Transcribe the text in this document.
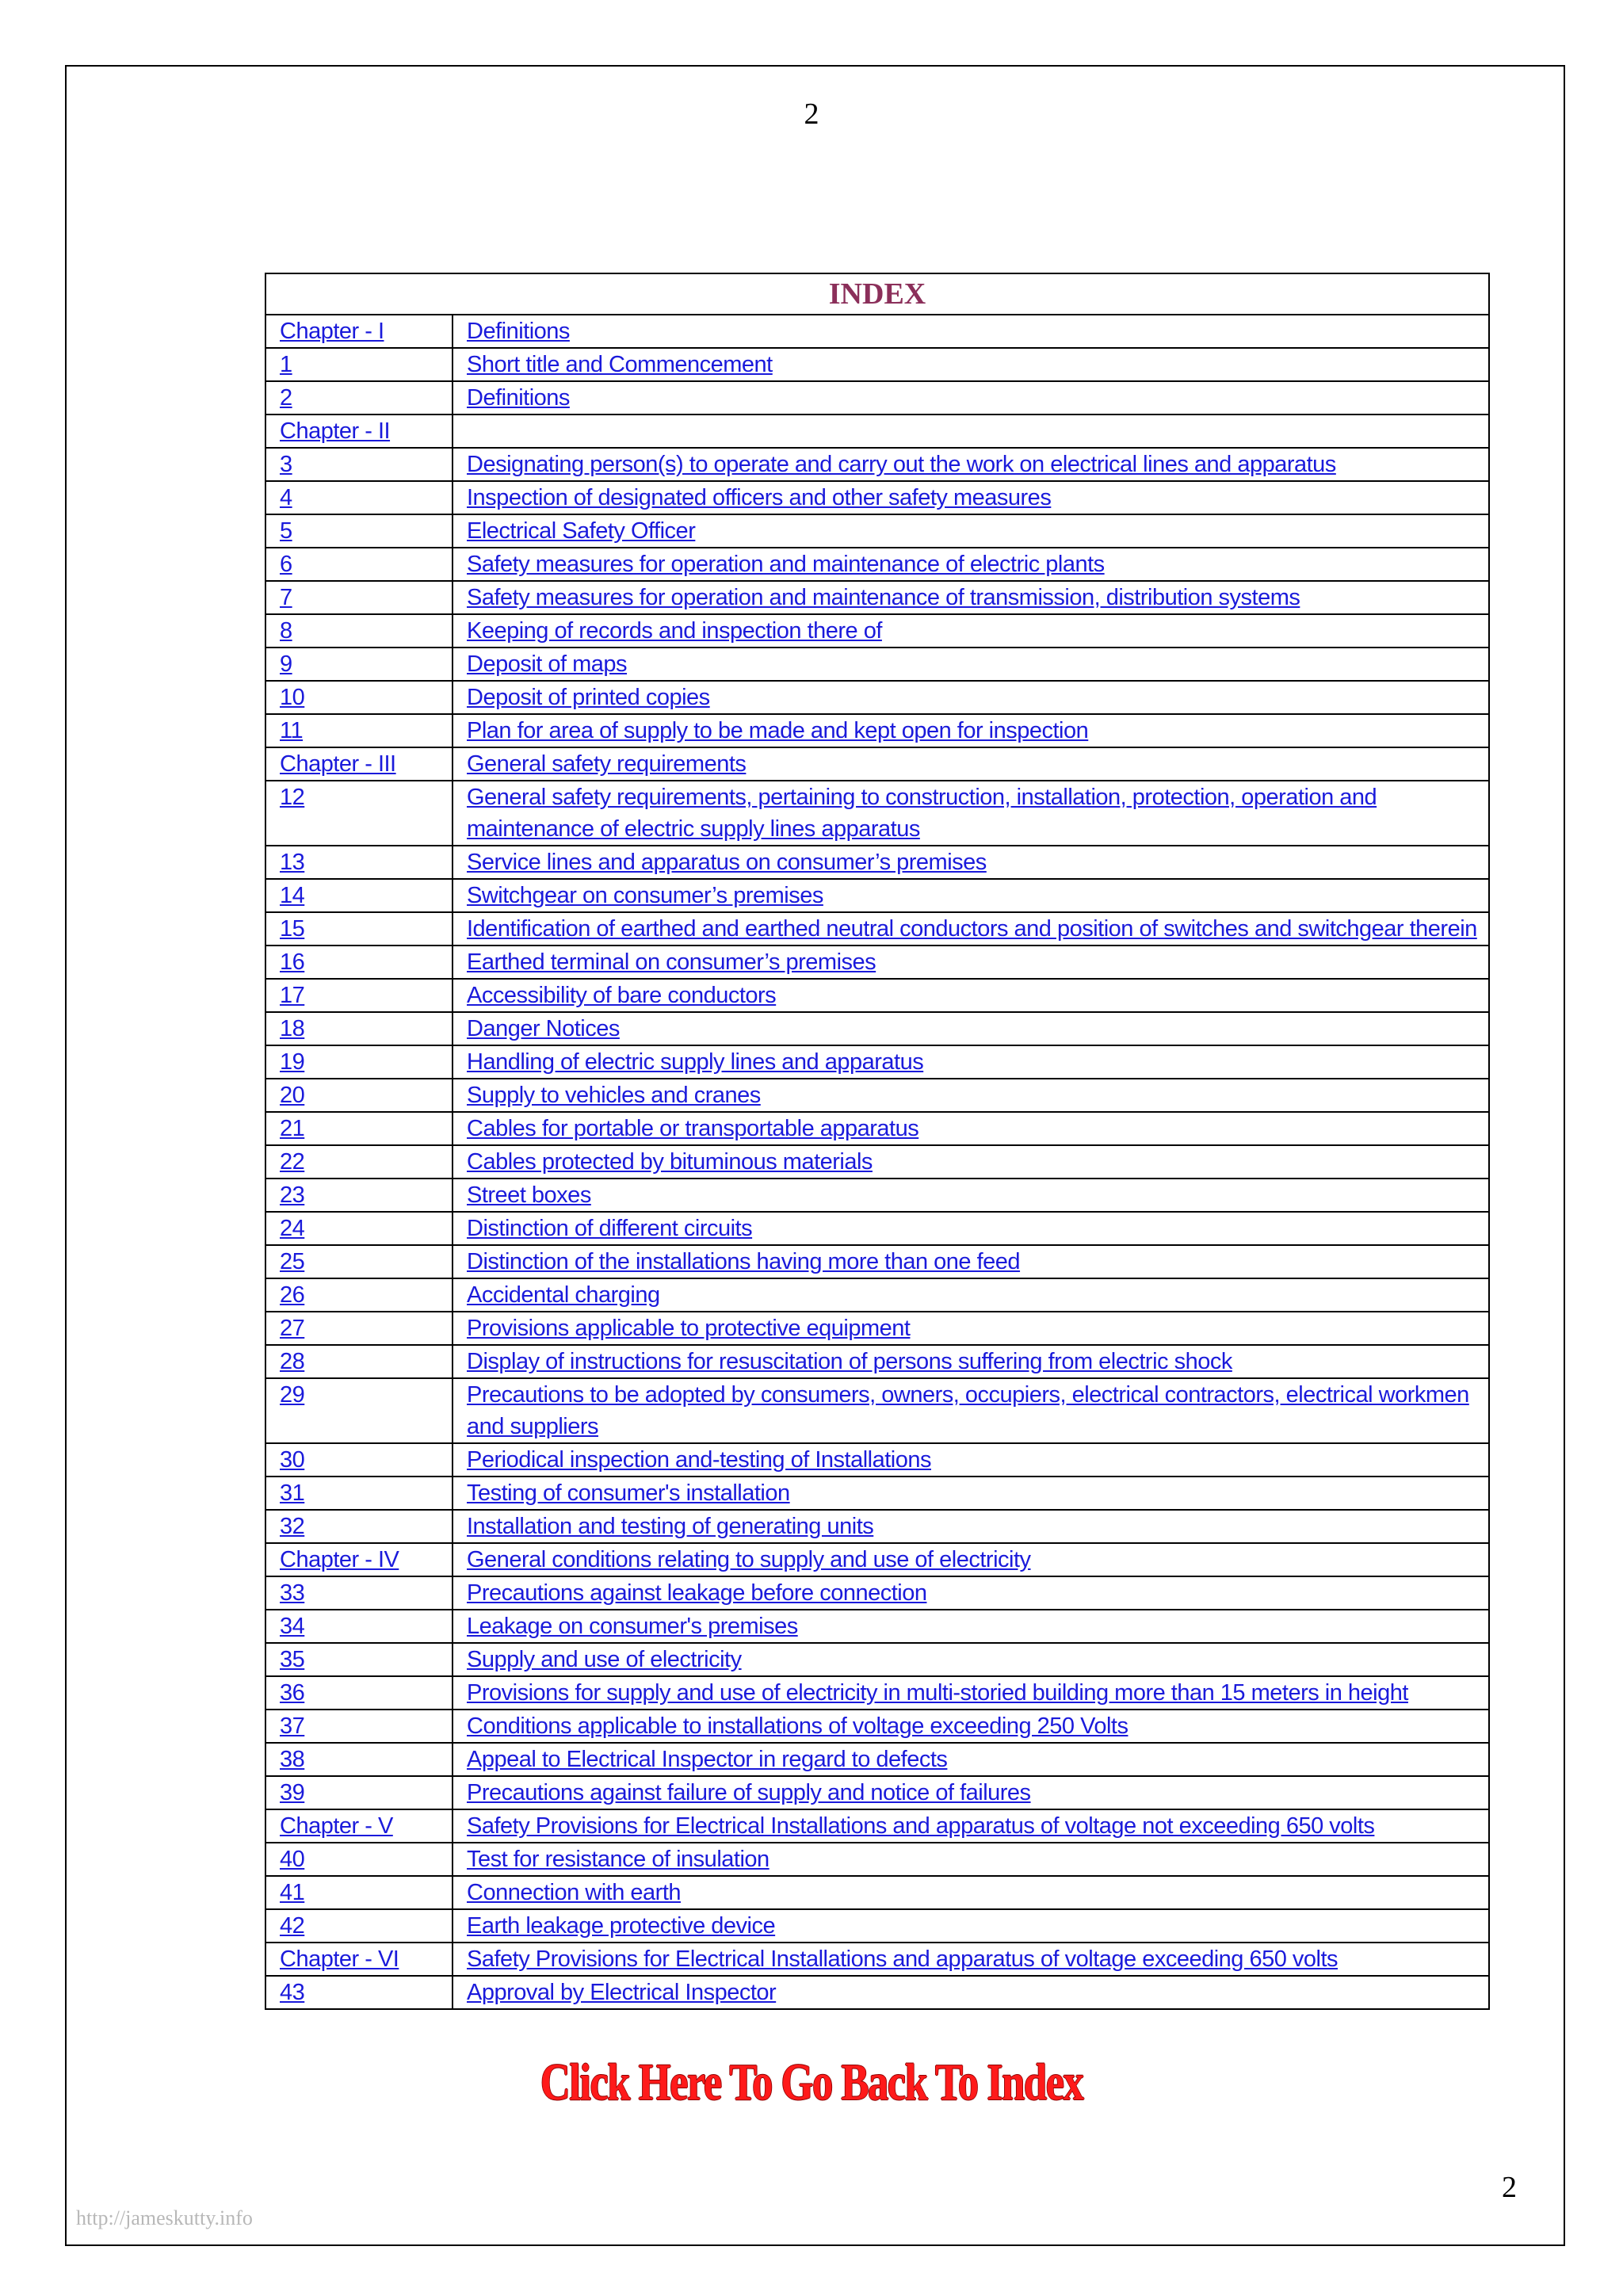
2
INDEX	
Chapter - I	Definitions
1	Short title and Commencement
2	Definitions
Chapter - II	
3	Designating person(s) to operate and carry out the work on electrical lines and apparatus
4	Inspection of designated officers and other safety measures
5	Electrical Safety Officer
6	Safety measures for operation and maintenance of electric plants
7	Safety measures for operation and maintenance of transmission, distribution systems
8	Keeping of records and inspection there of
9	Deposit of maps
10	Deposit of printed copies
11	Plan for area of supply to be made and kept open for inspection
Chapter - III	General safety requirements
12	General safety requirements, pertaining to construction, installation, protection, operation and maintenance of electric supply lines apparatus
13	Service lines and apparatus on consumer’s premises
14	Switchgear on consumer’s premises
15	Identification of earthed and earthed neutral conductors and position of switches and switchgear therein
16	Earthed terminal on consumer’s premises
17	Accessibility of bare conductors
18	Danger Notices
19	Handling of electric supply lines and apparatus
20	Supply to vehicles and cranes
21	Cables for portable or transportable apparatus
22	Cables protected by bituminous materials
23	Street boxes
24	Distinction of different circuits
25	Distinction of the installations having more than one feed
26	Accidental charging
27	Provisions applicable to protective equipment
28	Display of instructions for resuscitation of persons suffering from electric shock
29	Precautions to be adopted by consumers, owners, occupiers, electrical contractors, electrical workmen and suppliers
30	Periodical inspection and-testing of Installations
31	Testing of consumer's installation
32	Installation and testing of generating units
Chapter - IV	General conditions relating to supply and use of electricity
33	Precautions against leakage before connection
34	Leakage on consumer's premises
35	Supply and use of electricity
36	Provisions for supply and use of electricity in multi-storied building more than 15 meters in height
37	Conditions applicable to installations of voltage exceeding 250 Volts
38	Appeal to Electrical Inspector in regard to defects
39	Precautions against failure of supply and notice of failures
Chapter - V	Safety Provisions for Electrical Installations and apparatus of voltage not exceeding 650 volts
40	Test for resistance of insulation
41	Connection with earth
42	Earth leakage protective device
Chapter - VI	Safety Provisions for Electrical Installations and apparatus of voltage exceeding 650 volts
43	Approval by Electrical Inspector
Click Here To Go Back To Index
2
http://jameskutty.info
